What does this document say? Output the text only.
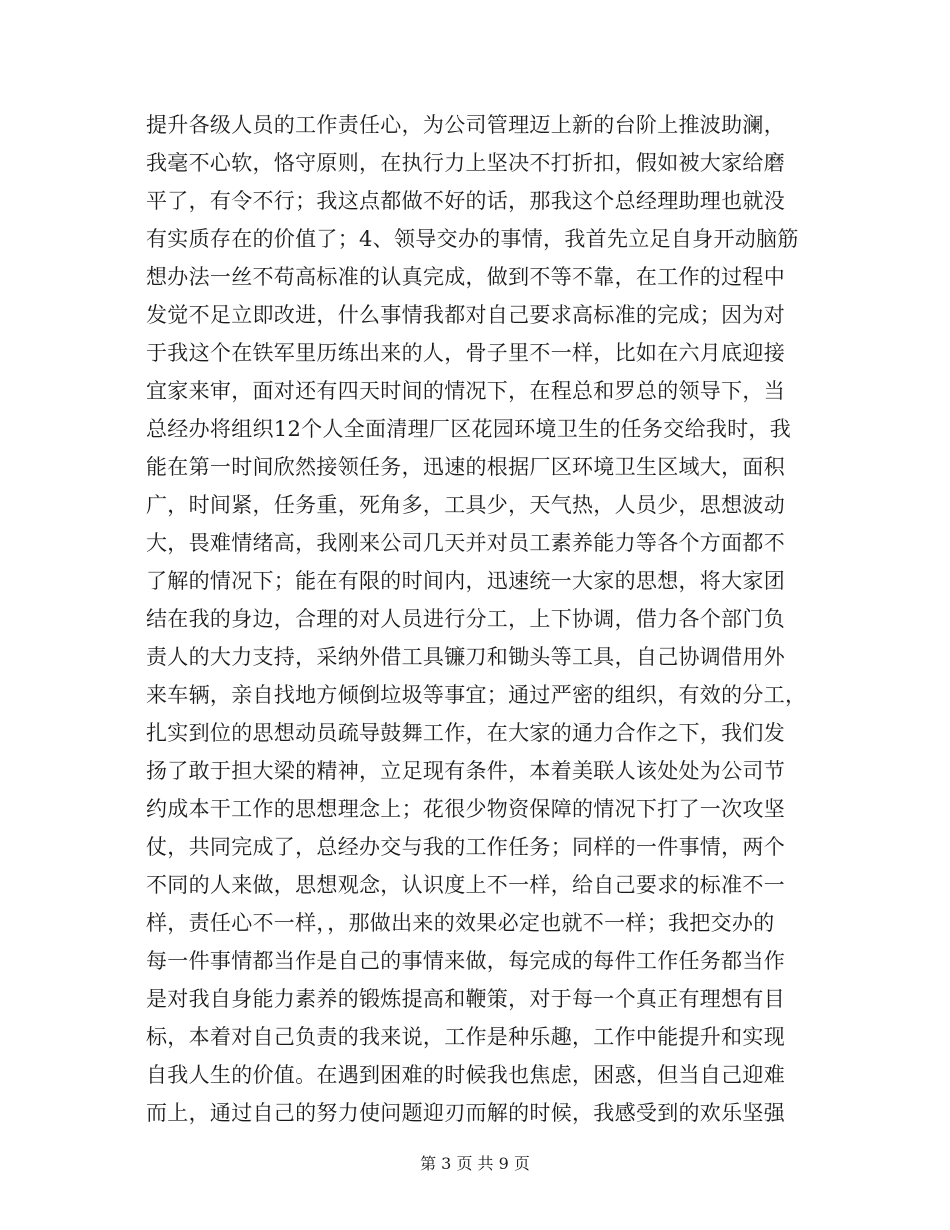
提升各级人员的工作责任心，为公司管理迈上新的台阶上推波助澜，
我毫不心软，恪守原则，在执行力上坚决不打折扣，假如被大家给磨
平了，有令不行；我这点都做不好的话，那我这个总经理助理也就没
有实质存在的价值了；4、领导交办的事情，我首先立足自身开动脑筋
想办法一丝不苟高标准的认真完成，做到不等不靠，在工作的过程中
发觉不足立即改进，什么事情我都对自己要求高标准的完成；因为对
于我这个在铁军里历练出来的人，骨子里不一样，比如在六月底迎接
宜家来审，面对还有四天时间的情况下，在程总和罗总的领导下，当
总经办将组织12个人全面清理厂区花园环境卫生的任务交给我时，我
能在第一时间欣然接领任务，迅速的根据厂区环境卫生区域大，面积
广，时间紧，任务重，死角多，工具少，天气热，人员少，思想波动
大，畏难情绪高，我刚来公司几天并对员工素养能力等各个方面都不
了解的情况下；能在有限的时间内，迅速统一大家的思想，将大家团
结在我的身边，合理的对人员进行分工，上下协调，借力各个部门负
责人的大力支持，采纳外借工具镰刀和锄头等工具，自己协调借用外
来车辆，亲自找地方倾倒垃圾等事宜；通过严密的组织，有效的分工，
扎实到位的思想动员疏导鼓舞工作，在大家的通力合作之下，我们发
扬了敢于担大梁的精神，立足现有条件，本着美联人该处处为公司节
约成本干工作的思想理念上；花很少物资保障的情况下打了一次攻坚
仗，共同完成了，总经办交与我的工作任务；同样的一件事情，两个
不同的人来做，思想观念，认识度上不一样，给自己要求的标准不一
样，责任心不一样，，那做出来的效果必定也就不一样；我把交办的
每一件事情都当作是自己的事情来做，每完成的每件工作任务都当作
是对我自身能力素养的锻炼提高和鞭策，对于每一个真正有理想有目
标，本着对自己负责的我来说，工作是种乐趣，工作中能提升和实现
自我人生的价值。在遇到困难的时候我也焦虑，困惑，但当自己迎难
而上，通过自己的努力使问题迎刃而解的时候，我感受到的欢乐坚强
第 3 页 共 9 页
